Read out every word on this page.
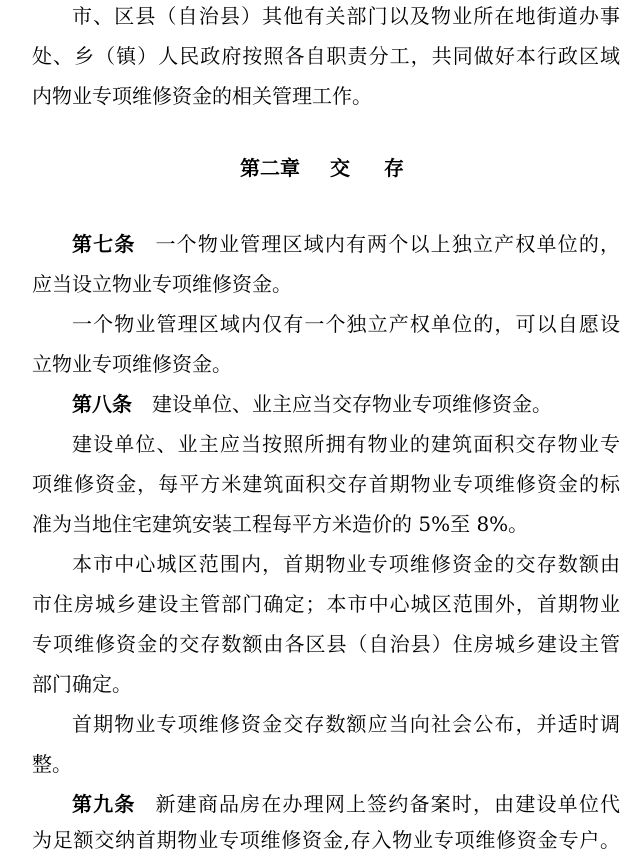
市、区县（自治县）其他有关部门以及物业所在地街道办事
处、乡（镇）人民政府按照各自职责分工，共同做好本行政区域
内物业专项维修资金的相关管理工作。
第二章 交 存
第七条 一个物业管理区域内有两个以上独立产权单位的，
应当设立物业专项维修资金。
一个物业管理区域内仅有一个独立产权单位的，可以自愿设
立物业专项维修资金。
第八条 建设单位、业主应当交存物业专项维修资金。
建设单位、业主应当按照所拥有物业的建筑面积交存物业专
项维修资金，每平方米建筑面积交存首期物业专项维修资金的标
准为当地住宅建筑安装工程每平方米造价的 5%至 8%。
本市中心城区范围内，首期物业专项维修资金的交存数额由
市住房城乡建设主管部门确定；本市中心城区范围外，首期物业
专项维修资金的交存数额由各区县（自治县）住房城乡建设主管
部门确定。
首期物业专项维修资金交存数额应当向社会公布，并适时调
整。
第九条 新建商品房在办理网上签约备案时，由建设单位代
为足额交纳首期物业专项维修资金,存入物业专项维修资金专户。
